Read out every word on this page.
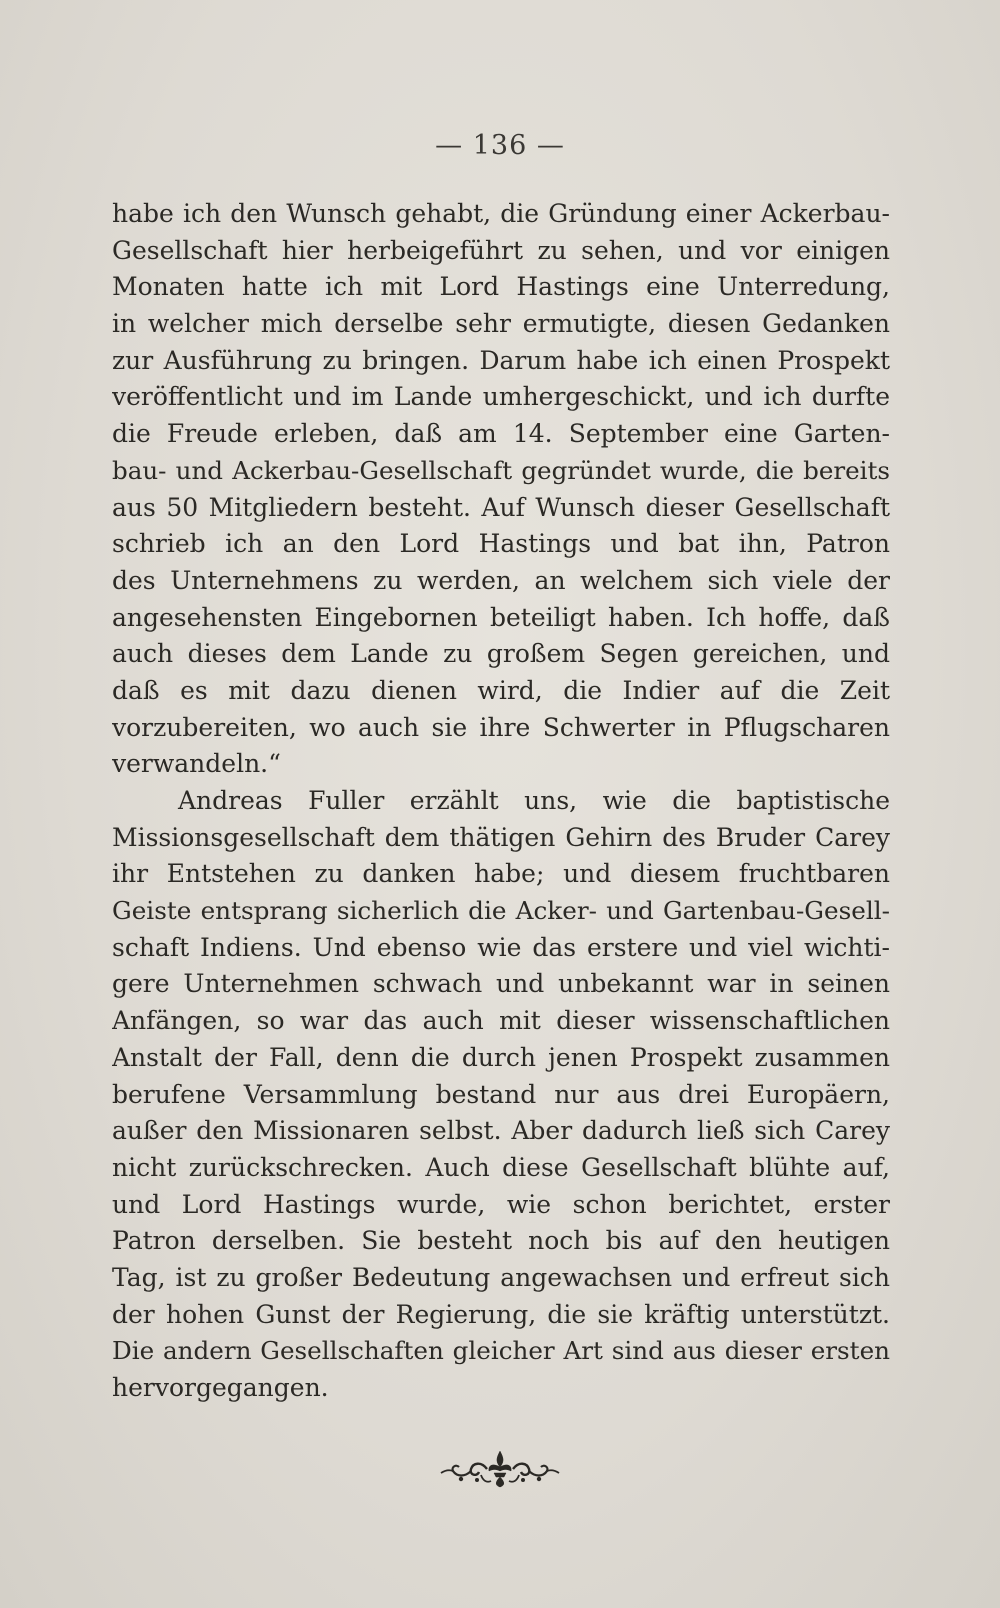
— 136 —
habe ich den Wunsch gehabt, die Gründung einer Ackerbau-
Gesellschaft hier herbeigeführt zu sehen, und vor einigen
Monaten hatte ich mit Lord Hastings eine Unterredung,
in welcher mich derselbe sehr ermutigte, diesen Gedanken
zur Ausführung zu bringen. Darum habe ich einen Prospekt
veröffentlicht und im Lande umhergeschickt, und ich durfte
die Freude erleben, daß am 14. September eine Garten-
bau- und Ackerbau-Gesellschaft gegründet wurde, die bereits
aus 50 Mitgliedern besteht. Auf Wunsch dieser Gesellschaft
schrieb ich an den Lord Hastings und bat ihn, Patron
des Unternehmens zu werden, an welchem sich viele der
angesehensten Eingebornen beteiligt haben. Ich hoffe, daß
auch dieses dem Lande zu großem Segen gereichen, und
daß es mit dazu dienen wird, die Indier auf die Zeit
vorzubereiten, wo auch sie ihre Schwerter in Pflugscharen
verwandeln.“
Andreas Fuller erzählt uns, wie die baptistische
Missionsgesellschaft dem thätigen Gehirn des Bruder Carey
ihr Entstehen zu danken habe; und diesem fruchtbaren
Geiste entsprang sicherlich die Acker- und Gartenbau-Gesell-
schaft Indiens. Und ebenso wie das erstere und viel wichti-
gere Unternehmen schwach und unbekannt war in seinen
Anfängen, so war das auch mit dieser wissenschaftlichen
Anstalt der Fall, denn die durch jenen Prospekt zusammen
berufene Versammlung bestand nur aus drei Europäern,
außer den Missionaren selbst. Aber dadurch ließ sich Carey
nicht zurückschrecken. Auch diese Gesellschaft blühte auf,
und Lord Hastings wurde, wie schon berichtet, erster
Patron derselben. Sie besteht noch bis auf den heutigen
Tag, ist zu großer Bedeutung angewachsen und erfreut sich
der hohen Gunst der Regierung, die sie kräftig unterstützt.
Die andern Gesellschaften gleicher Art sind aus dieser ersten
hervorgegangen.
